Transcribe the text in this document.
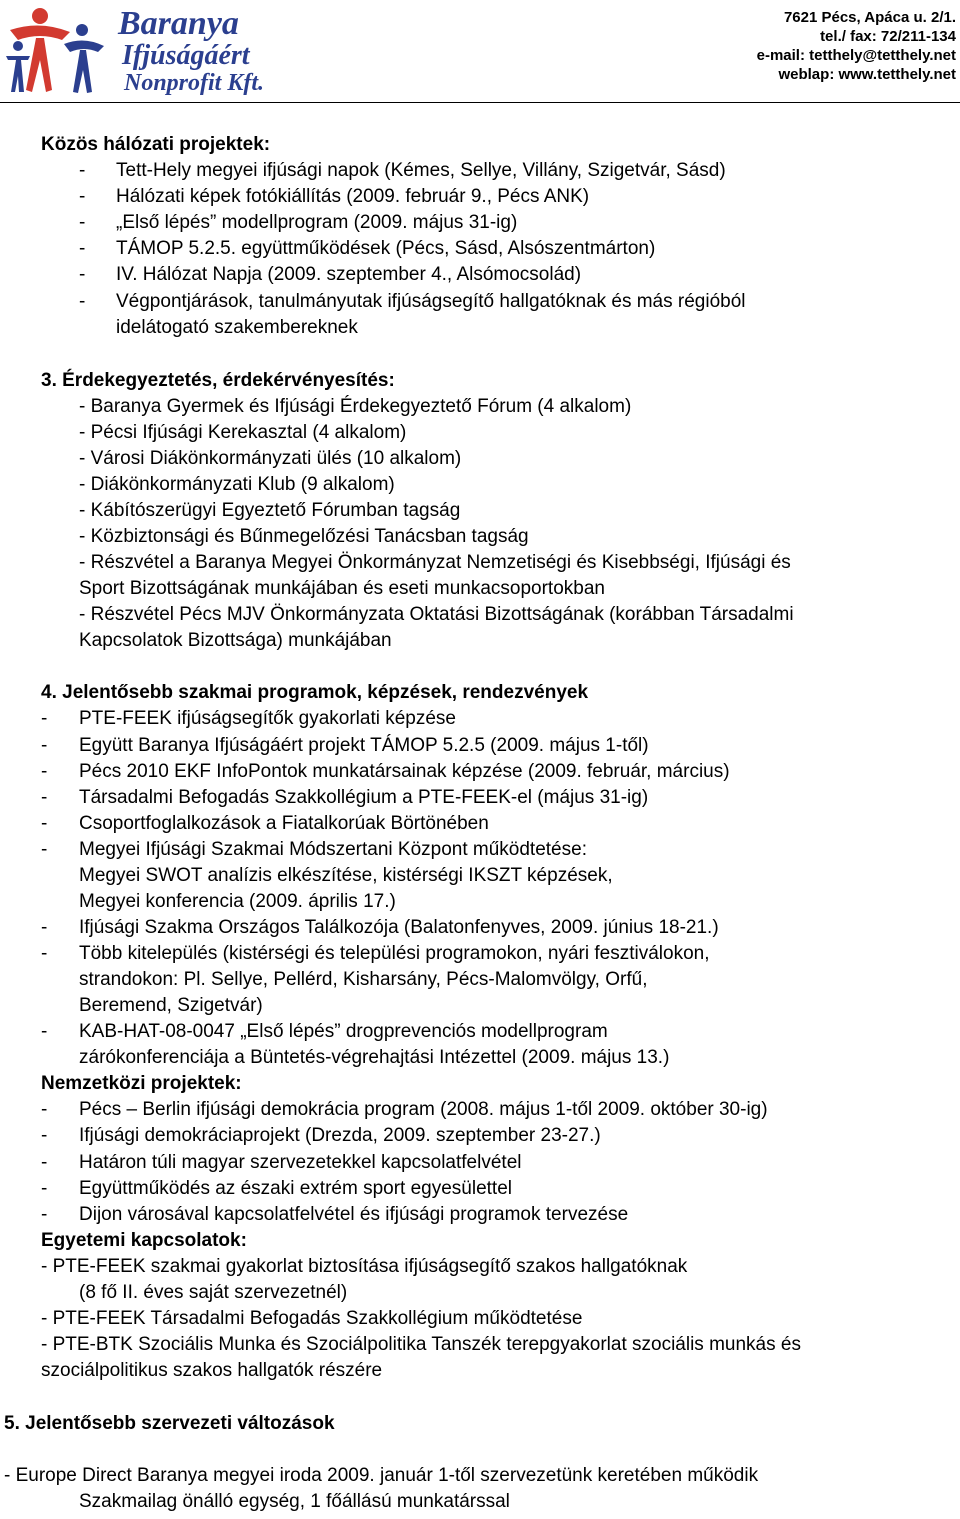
Baranya
Ifjúságáért
Nonprofit Kft.
7621 Pécs, Apáca u. 2/1.
tel./ fax: 72/211-134
e-mail: tetthely@tetthely.net
weblap: www.tetthely.net
Közös hálózati projektek:
- Tett-Hely megyei ifjúsági napok (Kémes, Sellye, Villány, Szigetvár, Sásd)
- Hálózati képek fotókiállítás (2009. február 9., Pécs ANK)
- „Első lépés” modellprogram (2009. május 31-ig)
- TÁMOP 5.2.5. együttműködések (Pécs, Sásd, Alsószentmárton)
- IV. Hálózat Napja (2009. szeptember 4., Alsómocsolád)
- Végpontjárások, tanulmányutak ifjúságsegítő hallgatóknak és más régióból
idelátogató szakembereknek
3. Érdekegyeztetés, érdekérvényesítés:
- Baranya Gyermek és Ifjúsági Érdekegyeztető Fórum (4 alkalom)
- Pécsi Ifjúsági Kerekasztal (4 alkalom)
- Városi Diákönkormányzati ülés (10 alkalom)
- Diákönkormányzati Klub (9 alkalom)
- Kábítószerügyi Egyeztető Fórumban tagság
- Közbiztonsági és Bűnmegelőzési Tanácsban tagság
- Részvétel a Baranya Megyei Önkormányzat Nemzetiségi és Kisebbségi, Ifjúsági és
Sport Bizottságának munkájában és eseti munkacsoportokban
- Részvétel Pécs MJV Önkormányzata Oktatási Bizottságának (korábban Társadalmi
Kapcsolatok Bizottsága) munkájában
4. Jelentősebb szakmai programok, képzések, rendezvények
- PTE-FEEK ifjúságsegítők gyakorlati képzése
- Együtt Baranya Ifjúságáért projekt TÁMOP 5.2.5 (2009. május 1-től)
- Pécs 2010 EKF InfoPontok munkatársainak képzése (2009. február, március)
- Társadalmi Befogadás Szakkollégium a PTE-FEEK-el (május 31-ig)
- Csoportfoglalkozások a Fiatalkorúak Börtönében
- Megyei Ifjúsági Szakmai Módszertani Központ működtetése:
Megyei SWOT analízis elkészítése, kistérségi IKSZT képzések,
Megyei konferencia (2009. április 17.)
- Ifjúsági Szakma Országos Találkozója (Balatonfenyves, 2009. június 18-21.)
- Több kitelepülés (kistérségi és települési programokon, nyári fesztiválokon,
strandokon: Pl. Sellye, Pellérd, Kisharsány, Pécs-Malomvölgy, Orfű,
Beremend, Szigetvár)
- KAB-HAT-08-0047 „Első lépés” drogprevenciós modellprogram
zárókonferenciája a Büntetés-végrehajtási Intézettel (2009. május 13.)
Nemzetközi projektek:
- Pécs – Berlin ifjúsági demokrácia program (2008. május 1-től 2009. október 30-ig)
- Ifjúsági demokráciaprojekt (Drezda, 2009. szeptember 23-27.)
- Határon túli magyar szervezetekkel kapcsolatfelvétel
- Együttműködés az északi extrém sport egyesülettel
- Dijon városával kapcsolatfelvétel és ifjúsági programok tervezése
Egyetemi kapcsolatok:
- PTE-FEEK szakmai gyakorlat biztosítása ifjúságsegítő szakos hallgatóknak
(8 fő II. éves saját szervezetnél)
- PTE-FEEK Társadalmi Befogadás Szakkollégium működtetése
- PTE-BTK Szociális Munka és Szociálpolitika Tanszék terepgyakorlat szociális munkás és
szociálpolitikus szakos hallgatók részére
5. Jelentősebb szervezeti változások
- Europe Direct Baranya megyei iroda 2009. január 1-től szervezetünk keretében működik
Szakmailag önálló egység, 1 főállású munkatárssal
